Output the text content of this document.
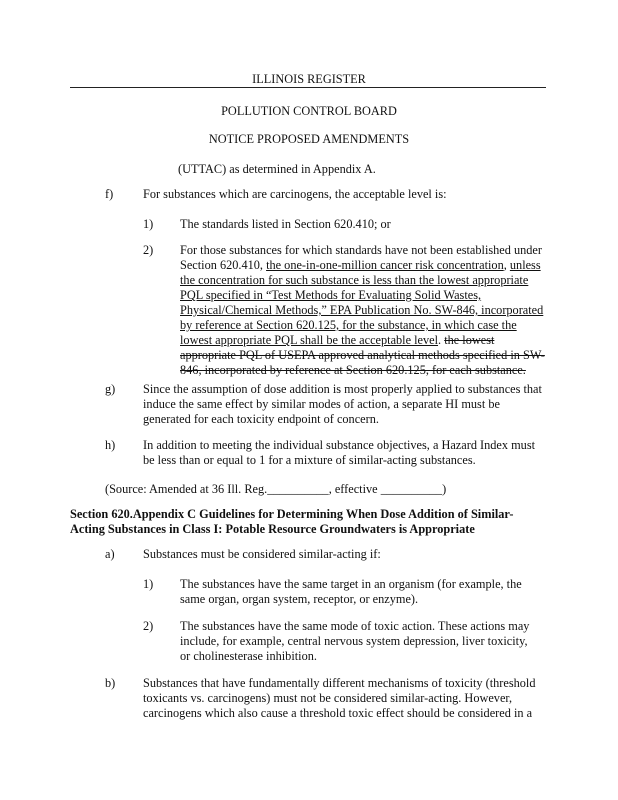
ILLINOIS REGISTER
POLLUTION CONTROL BOARD
NOTICE PROPOSED AMENDMENTS
(UTTAC) as determined in Appendix A.
f) For substances which are carcinogens, the acceptable level is:
1) The standards listed in Section 620.410; or
2) For those substances for which standards have not been established under Section 620.410, the one-in-one-million cancer risk concentration, unless the concentration for such substance is less than the lowest appropriate PQL specified in “Test Methods for Evaluating Solid Wastes, Physical/Chemical Methods,” EPA Publication No. SW-846, incorporated by reference at Section 620.125, for the substance, in which case the lowest appropriate PQL shall be the acceptable level. the lowest appropriate PQL of USEPA approved analytical methods specified in SW-846, incorporated by reference at Section 620.125, for each substance.
g) Since the assumption of dose addition is most properly applied to substances that induce the same effect by similar modes of action, a separate HI must be generated for each toxicity endpoint of concern.
h) In addition to meeting the individual substance objectives, a Hazard Index must be less than or equal to 1 for a mixture of similar-acting substances.
(Source: Amended at 36 Ill. Reg.__________, effective __________)
Section 620.Appendix C Guidelines for Determining When Dose Addition of Similar-Acting Substances in Class I: Potable Resource Groundwaters is Appropriate
a) Substances must be considered similar-acting if:
1) The substances have the same target in an organism (for example, the same organ, organ system, receptor, or enzyme).
2) The substances have the same mode of toxic action. These actions may include, for example, central nervous system depression, liver toxicity, or cholinesterase inhibition.
b) Substances that have fundamentally different mechanisms of toxicity (threshold toxicants vs. carcinogens) must not be considered similar-acting. However, carcinogens which also cause a threshold toxic effect should be considered in a
